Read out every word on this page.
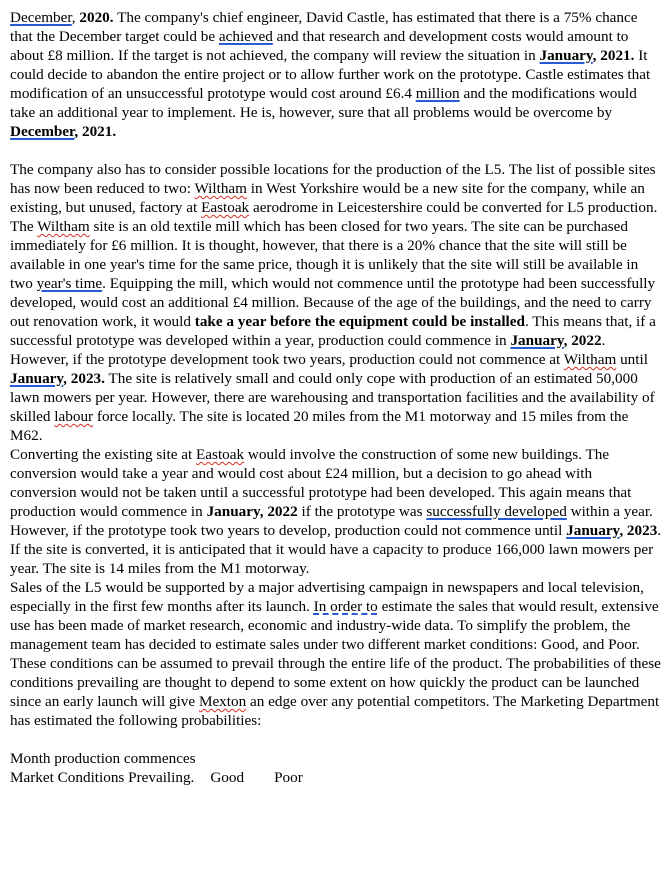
December, 2020. The company's chief engineer, David Castle, has estimated that there is a 75% chance that the December target could be achieved and that research and development costs would amount to about £8 million. If the target is not achieved, the company will review the situation in January, 2021. It could decide to abandon the entire project or to allow further work on the prototype. Castle estimates that modification of an unsuccessful prototype would cost around £6.4 million and the modifications would take an additional year to implement. He is, however, sure that all problems would be overcome by December, 2021.

The company also has to consider possible locations for the production of the L5. The list of possible sites has now been reduced to two: Wiltham in West Yorkshire would be a new site for the company, while an existing, but unused, factory at Eastoak aerodrome in Leicestershire could be converted for L5 production.

The Wiltham site is an old textile mill which has been closed for two years. The site can be purchased immediately for £6 million. It is thought, however, that there is a 20% chance that the site will still be available in one year's time for the same price, though it is unlikely that the site will still be available in two year's time. Equipping the mill, which would not commence until the prototype had been successfully developed, would cost an additional £4 million. Because of the age of the buildings, and the need to carry out renovation work, it would take a year before the equipment could be installed. This means that, if a successful prototype was developed within a year, production could commence in January, 2022. However, if the prototype development took two years, production could not commence at Wiltham until January, 2023. The site is relatively small and could only cope with production of an estimated 50,000 lawn mowers per year. However, there are warehousing and transportation facilities and the availability of skilled labour force locally. The site is located 20 miles from the M1 motorway and 15 miles from the M62.

Converting the existing site at Eastoak would involve the construction of some new buildings. The conversion would take a year and would cost about £24 million, but a decision to go ahead with conversion would not be taken until a successful prototype had been developed. This again means that production would commence in January, 2022 if the prototype was successfully developed within a year. However, if the prototype took two years to develop, production could not commence until January, 2023. If the site is converted, it is anticipated that it would have a capacity to produce 166,000 lawn mowers per year. The site is 14 miles from the M1 motorway.

Sales of the L5 would be supported by a major advertising campaign in newspapers and local television, especially in the first few months after its launch. In order to estimate the sales that would result, extensive use has been made of market research, economic and industry-wide data. To simplify the problem, the management team has decided to estimate sales under two different market conditions: Good, and Poor. These conditions can be assumed to prevail through the entire life of the product. The probabilities of these conditions prevailing are thought to depend to some extent on how quickly the product can be launched since an early launch will give Mexton an edge over any potential competitors. The Marketing Department has estimated the following probabilities:

Month production commences

Market Conditions Prevailing. Good Poor
